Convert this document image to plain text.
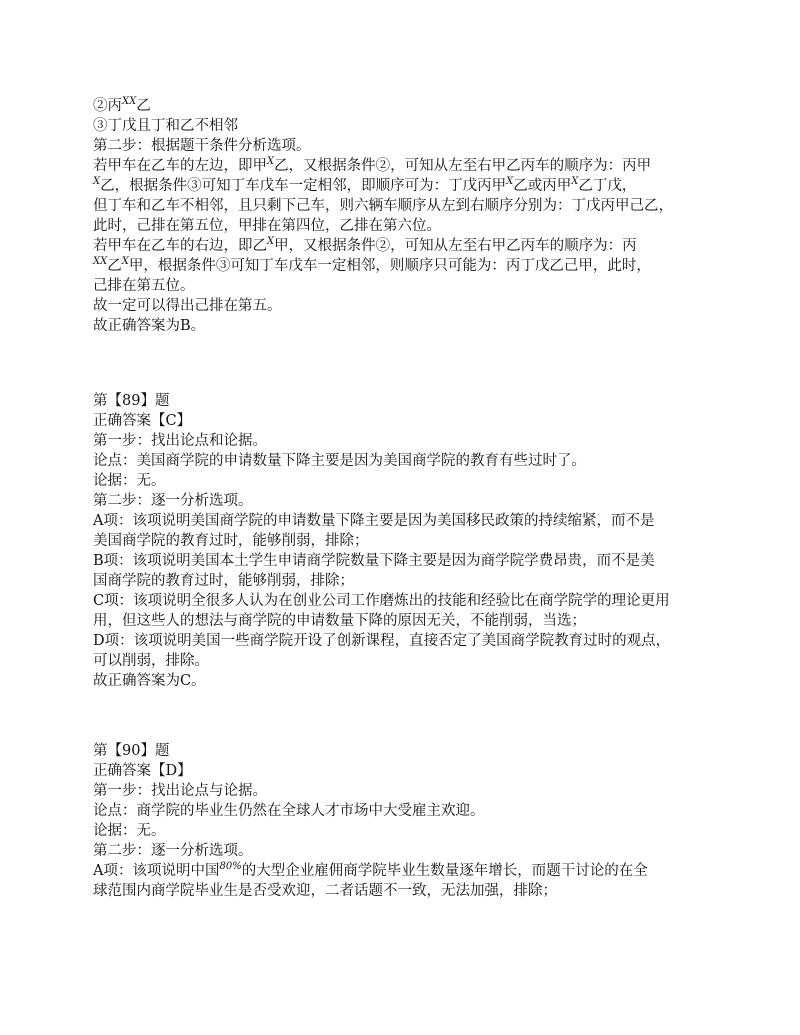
②丙$^{XX}$乙
③丁戊且丁和乙不相邻
第二步：根据题干条件分析选项。
若甲车在乙车的左边，即甲$^X$乙，又根据条件②，可知从左至右甲乙丙车的顺序为：丙甲
$^X$乙，根据条件③可知丁车戊车一定相邻，即顺序可为：丁戊丙甲$^X$乙或丙甲$^X$乙丁戊，
但丁车和乙车不相邻，且只剩下己车，则六辆车顺序从左到右顺序分别为：丁戊丙甲己乙，
此时，己排在第五位，甲排在第四位，乙排在第六位。
若甲车在乙车的右边，即乙$^X$甲，又根据条件②，可知从左至右甲乙丙车的顺序为：丙
$^{XX}$乙$^X$甲，根据条件③可知丁车戊车一定相邻，则顺序只可能为：丙丁戊乙己甲，此时，
己排在第五位。
故一定可以得出己排在第五。
故正确答案为B。
第【89】题
正确答案【C】
第一步：找出论点和论据。
论点：美国商学院的申请数量下降主要是因为美国商学院的教育有些过时了。
论据：无。
第二步：逐一分析选项。
A项：该项说明美国商学院的申请数量下降主要是因为美国移民政策的持续缩紧，而不是
美国商学院的教育过时，能够削弱，排除；
B项：该项说明美国本土学生申请商学院数量下降主要是因为商学院学费昂贵，而不是美
国商学院的教育过时，能够削弱，排除；
C项：该项说明全很多人认为在创业公司工作磨炼出的技能和经验比在商学院学的理论更用
用，但这些人的想法与商学院的申请数量下降的原因无关，不能削弱，当选；
D项：该项说明美国一些商学院开设了创新课程，直接否定了美国商学院教育过时的观点，
可以削弱，排除。
故正确答案为C。
第【90】题
正确答案【D】
第一步：找出论点与论据。
论点：商学院的毕业生仍然在全球人才市场中大受雇主欢迎。
论据：无。
第二步：逐一分析选项。
A项：该项说明中国$^{80\%}$的大型企业雇佣商学院毕业生数量逐年增长，而题干讨论的在全
球范围内商学院毕业生是否受欢迎，二者话题不一致，无法加强，排除；
